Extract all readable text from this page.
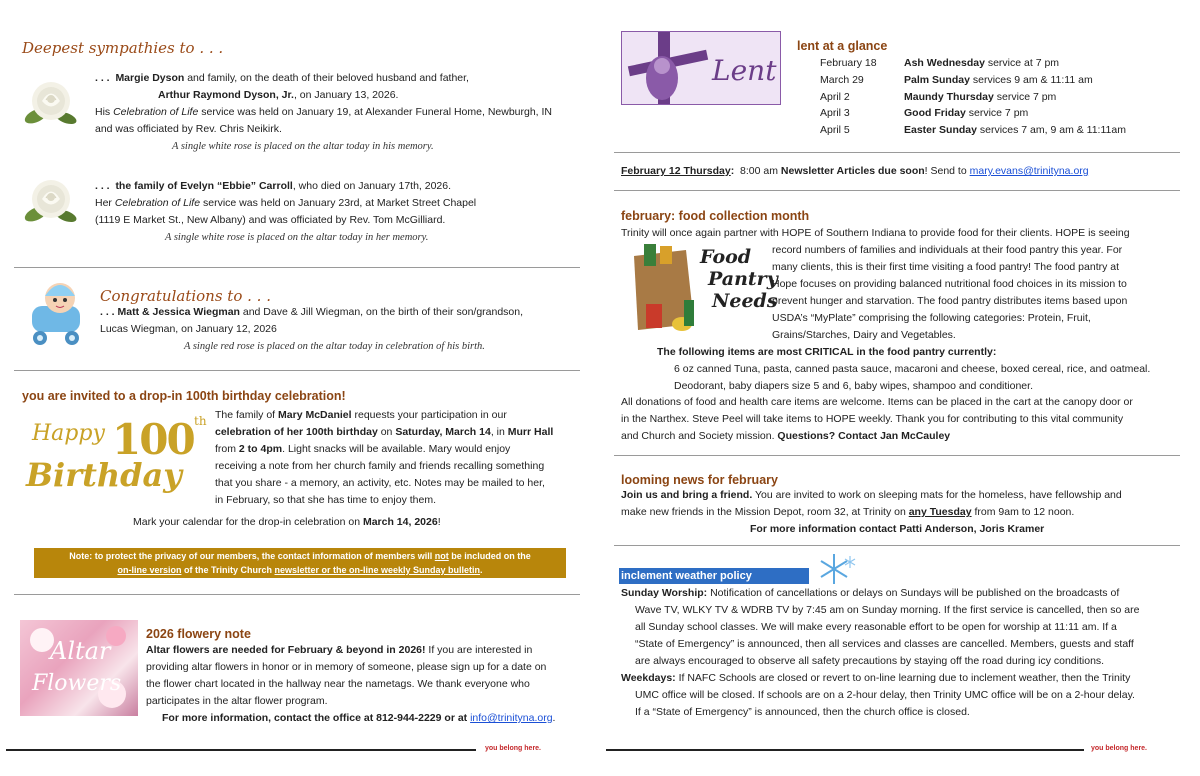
Deepest sympathies to . . .
. . . Margie Dyson and family, on the death of their beloved husband and father,
Arthur Raymond Dyson, Jr., on January 13, 2026.
His Celebration of Life service was held on January 19, at Alexander Funeral Home, Newburgh, IN
and was officiated by Rev. Chris Neikirk.
A single white rose is placed on the altar today in his memory.
. . . the family of Evelyn “Ebbie” Carroll, who died on January 17th, 2026.
Her Celebration of Life service was held on January 23rd, at Market Street Chapel
(1119 E Market St., New Albany) and was officiated by Rev. Tom McGilliard.
A single white rose is placed on the altar today in her memory.
Congratulations to . . .
. . . Matt & Jessica Wiegman and Dave & Jill Wiegman, on the birth of their son/grandson,
Lucas Wiegman, on January 12, 2026
A single red rose is placed on the altar today in celebration of his birth.
you are invited to a drop-in 100th birthday celebration!
Happy 100 th
Birthday
The family of Mary McDaniel requests your participation in our
celebration of her 100th birthday on Saturday, March 14, in Murr Hall
from 2 to 4pm. Light snacks will be available. Mary would enjoy
receiving a note from her church family and friends recalling something
that you share - a memory, an activity, etc. Notes may be mailed to her,
in February, so that she has time to enjoy them.
Mark your calendar for the drop-in celebration on March 14, 2026!
Note: to protect the privacy of our members, the contact information of members will not be included on the
on-line version of the Trinity Church newsletter or the on-line weekly Sunday bulletin.
Altar
Flowers
2026 flowery note
Altar flowers are needed for February & beyond in 2026! If you are interested in
providing altar flowers in honor or in memory of someone, please sign up for a date on
the flower chart located in the hallway near the nametags. We thank everyone who
participates in the altar flower program.
For more information, contact the office at 812-944-2229 or at info@trinityna.org.
you belong here.
Lent
lent at a glance
February 18	Ash Wednesday service at 7 pm
March 29	Palm Sunday services 9 am & 11:11 am
April 2	Maundy Thursday service 7 pm
April 3	Good Friday service 7 pm
April 5	Easter Sunday services 7 am, 9 am & 11:11am
February 12 Thursday:  8:00 am Newsletter Articles due soon! Send to mary.evans@trinityna.org
february: food collection month
Trinity will once again partner with HOPE of Southern Indiana to provide food for their clients. HOPE is seeing
Food
Pantry
Needs
record numbers of families and individuals at their food pantry this year. For
many clients, this is their first time visiting a food pantry! The food pantry at
Hope focuses on providing balanced nutritional food choices in its mission to
prevent hunger and starvation. The food pantry distributes items based upon
USDA’s “MyPlate” comprising the following categories: Protein, Fruit,
Grains/Starches, Dairy and Vegetables.
The following items are most CRITICAL in the food pantry currently:
6 oz canned Tuna, pasta, canned pasta sauce, macaroni and cheese, boxed cereal, rice, and oatmeal.
Deodorant, baby diapers size 5 and 6, baby wipes, shampoo and conditioner.
All donations of food and health care items are welcome. Items can be placed in the cart at the canopy door or
in the Narthex. Steve Peel will take items to HOPE weekly. Thank you for contributing to this vital community
and Church and Society mission. Questions? Contact Jan McCauley
looming news for february
Join us and bring a friend. You are invited to work on sleeping mats for the homeless, have fellowship and
make new friends in the Mission Depot, room 32, at Trinity on any Tuesday from 9am to 12 noon.
For more information contact Patti Anderson, Joris Kramer
inclement weather policy
Sunday Worship: Notification of cancellations or delays on Sundays will be published on the broadcasts of
Wave TV, WLKY TV & WDRB TV by 7:45 am on Sunday morning. If the first service is cancelled, then so are
all Sunday school classes. We will make every reasonable effort to be open for worship at 11:11 am. If a
“State of Emergency” is announced, then all services and classes are cancelled. Members, guests and staff
are always encouraged to observe all safety precautions by staying off the road during icy conditions.
Weekdays: If NAFC Schools are closed or revert to on-line learning due to inclement weather, then the Trinity
UMC office will be closed. If schools are on a 2-hour delay, then Trinity UMC office will be on a 2-hour delay.
If a “State of Emergency” is announced, then the church office is closed.
you belong here.
